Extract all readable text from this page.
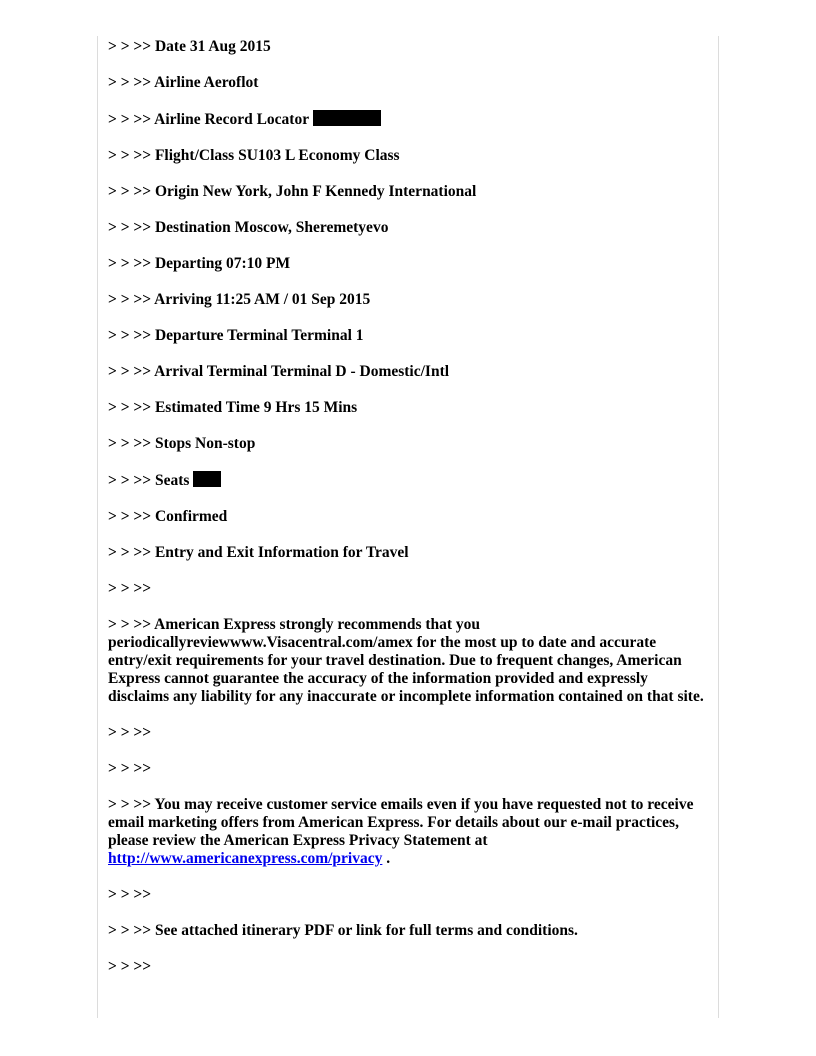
> > >> Date 31 Aug 2015
> > >> Airline Aeroflot
> > >> Airline Record Locator
> > >> Flight/Class SU103 L Economy Class
> > >> Origin New York, John F Kennedy International
> > >> Destination Moscow, Sheremetyevo
> > >> Departing 07:10 PM
> > >> Arriving 11:25 AM / 01 Sep 2015
> > >> Departure Terminal Terminal 1
> > >> Arrival Terminal Terminal D - Domestic/Intl
> > >> Estimated Time 9 Hrs 15 Mins
> > >> Stops Non-stop
> > >> Seats
> > >> Confirmed
> > >> Entry and Exit Information for Travel
> > >>
> > >> American Express strongly recommends that you periodicallyreviewwww.Visacentral.com/amex for the most up to date and accurate entry/exit requirements for your travel destination. Due to frequent changes, American Express cannot guarantee the accuracy of the information provided and expressly disclaims any liability for any inaccurate or incomplete information contained on that site.
> > >>
> > >>
> > >> You may receive customer service emails even if you have requested not to receive email marketing offers from American Express. For details about our e-mail practices, please review the American Express Privacy Statement at http://www.americanexpress.com/privacy .
> > >>
> > >> See attached itinerary PDF or link for full terms and conditions.
> > >>
